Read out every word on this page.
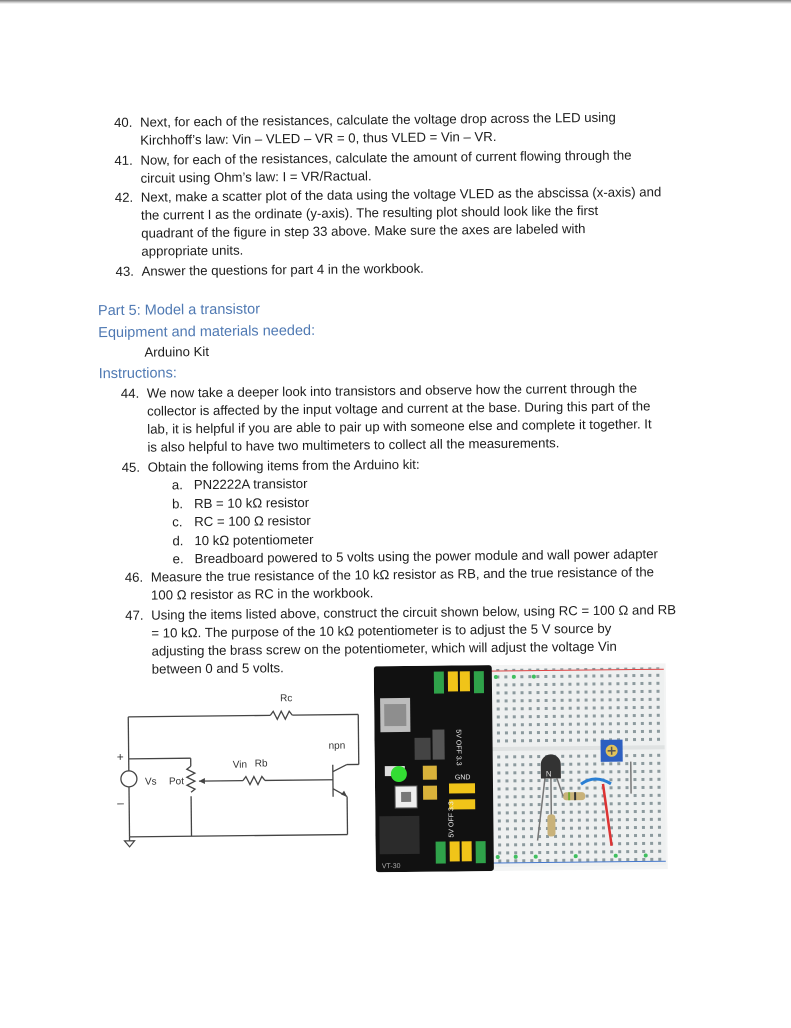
40. Next, for each of the resistances, calculate the voltage drop across the LED using
Kirchhoff’s law: Vin – VLED – VR = 0, thus VLED = Vin – VR.
41. Now, for each of the resistances, calculate the amount of current flowing through the
circuit using Ohm’s law: I = VR/Ractual.
42. Next, make a scatter plot of the data using the voltage VLED as the abscissa (x-axis) and
the current I as the ordinate (y-axis). The resulting plot should look like the first
quadrant of the figure in step 33 above. Make sure the axes are labeled with
appropriate units.
43. Answer the questions for part 4 in the workbook.
Part 5: Model a transistor
Equipment and materials needed:
Arduino Kit
Instructions:
44. We now take a deeper look into transistors and observe how the current through the
collector is affected by the input voltage and current at the base. During this part of the
lab, it is helpful if you are able to pair up with someone else and complete it together. It
is also helpful to have two multimeters to collect all the measurements.
45. Obtain the following items from the Arduino kit:
a. PN2222A transistor
b. RB = 10 kΩ resistor
c. RC = 100 Ω resistor
d. 10 kΩ potentiometer
e. Breadboard powered to 5 volts using the power module and wall power adapter
46. Measure the true resistance of the 10 kΩ resistor as RB, and the true resistance of the
100 Ω resistor as RC in the workbook.
47. Using the items listed above, construct the circuit shown below, using RC = 100 Ω and RB
= 10 kΩ. The purpose of the 10 kΩ potentiometer is to adjust the 5 V source by
adjusting the brass screw on the potentiometer, which will adjust the voltage Vin
between 0 and 5 volts.
Rc
Rb
Vin
npn
Vs Pot
+
–
5V OFF 3.3
GND
5V OFF 3.3
VT-30
N
